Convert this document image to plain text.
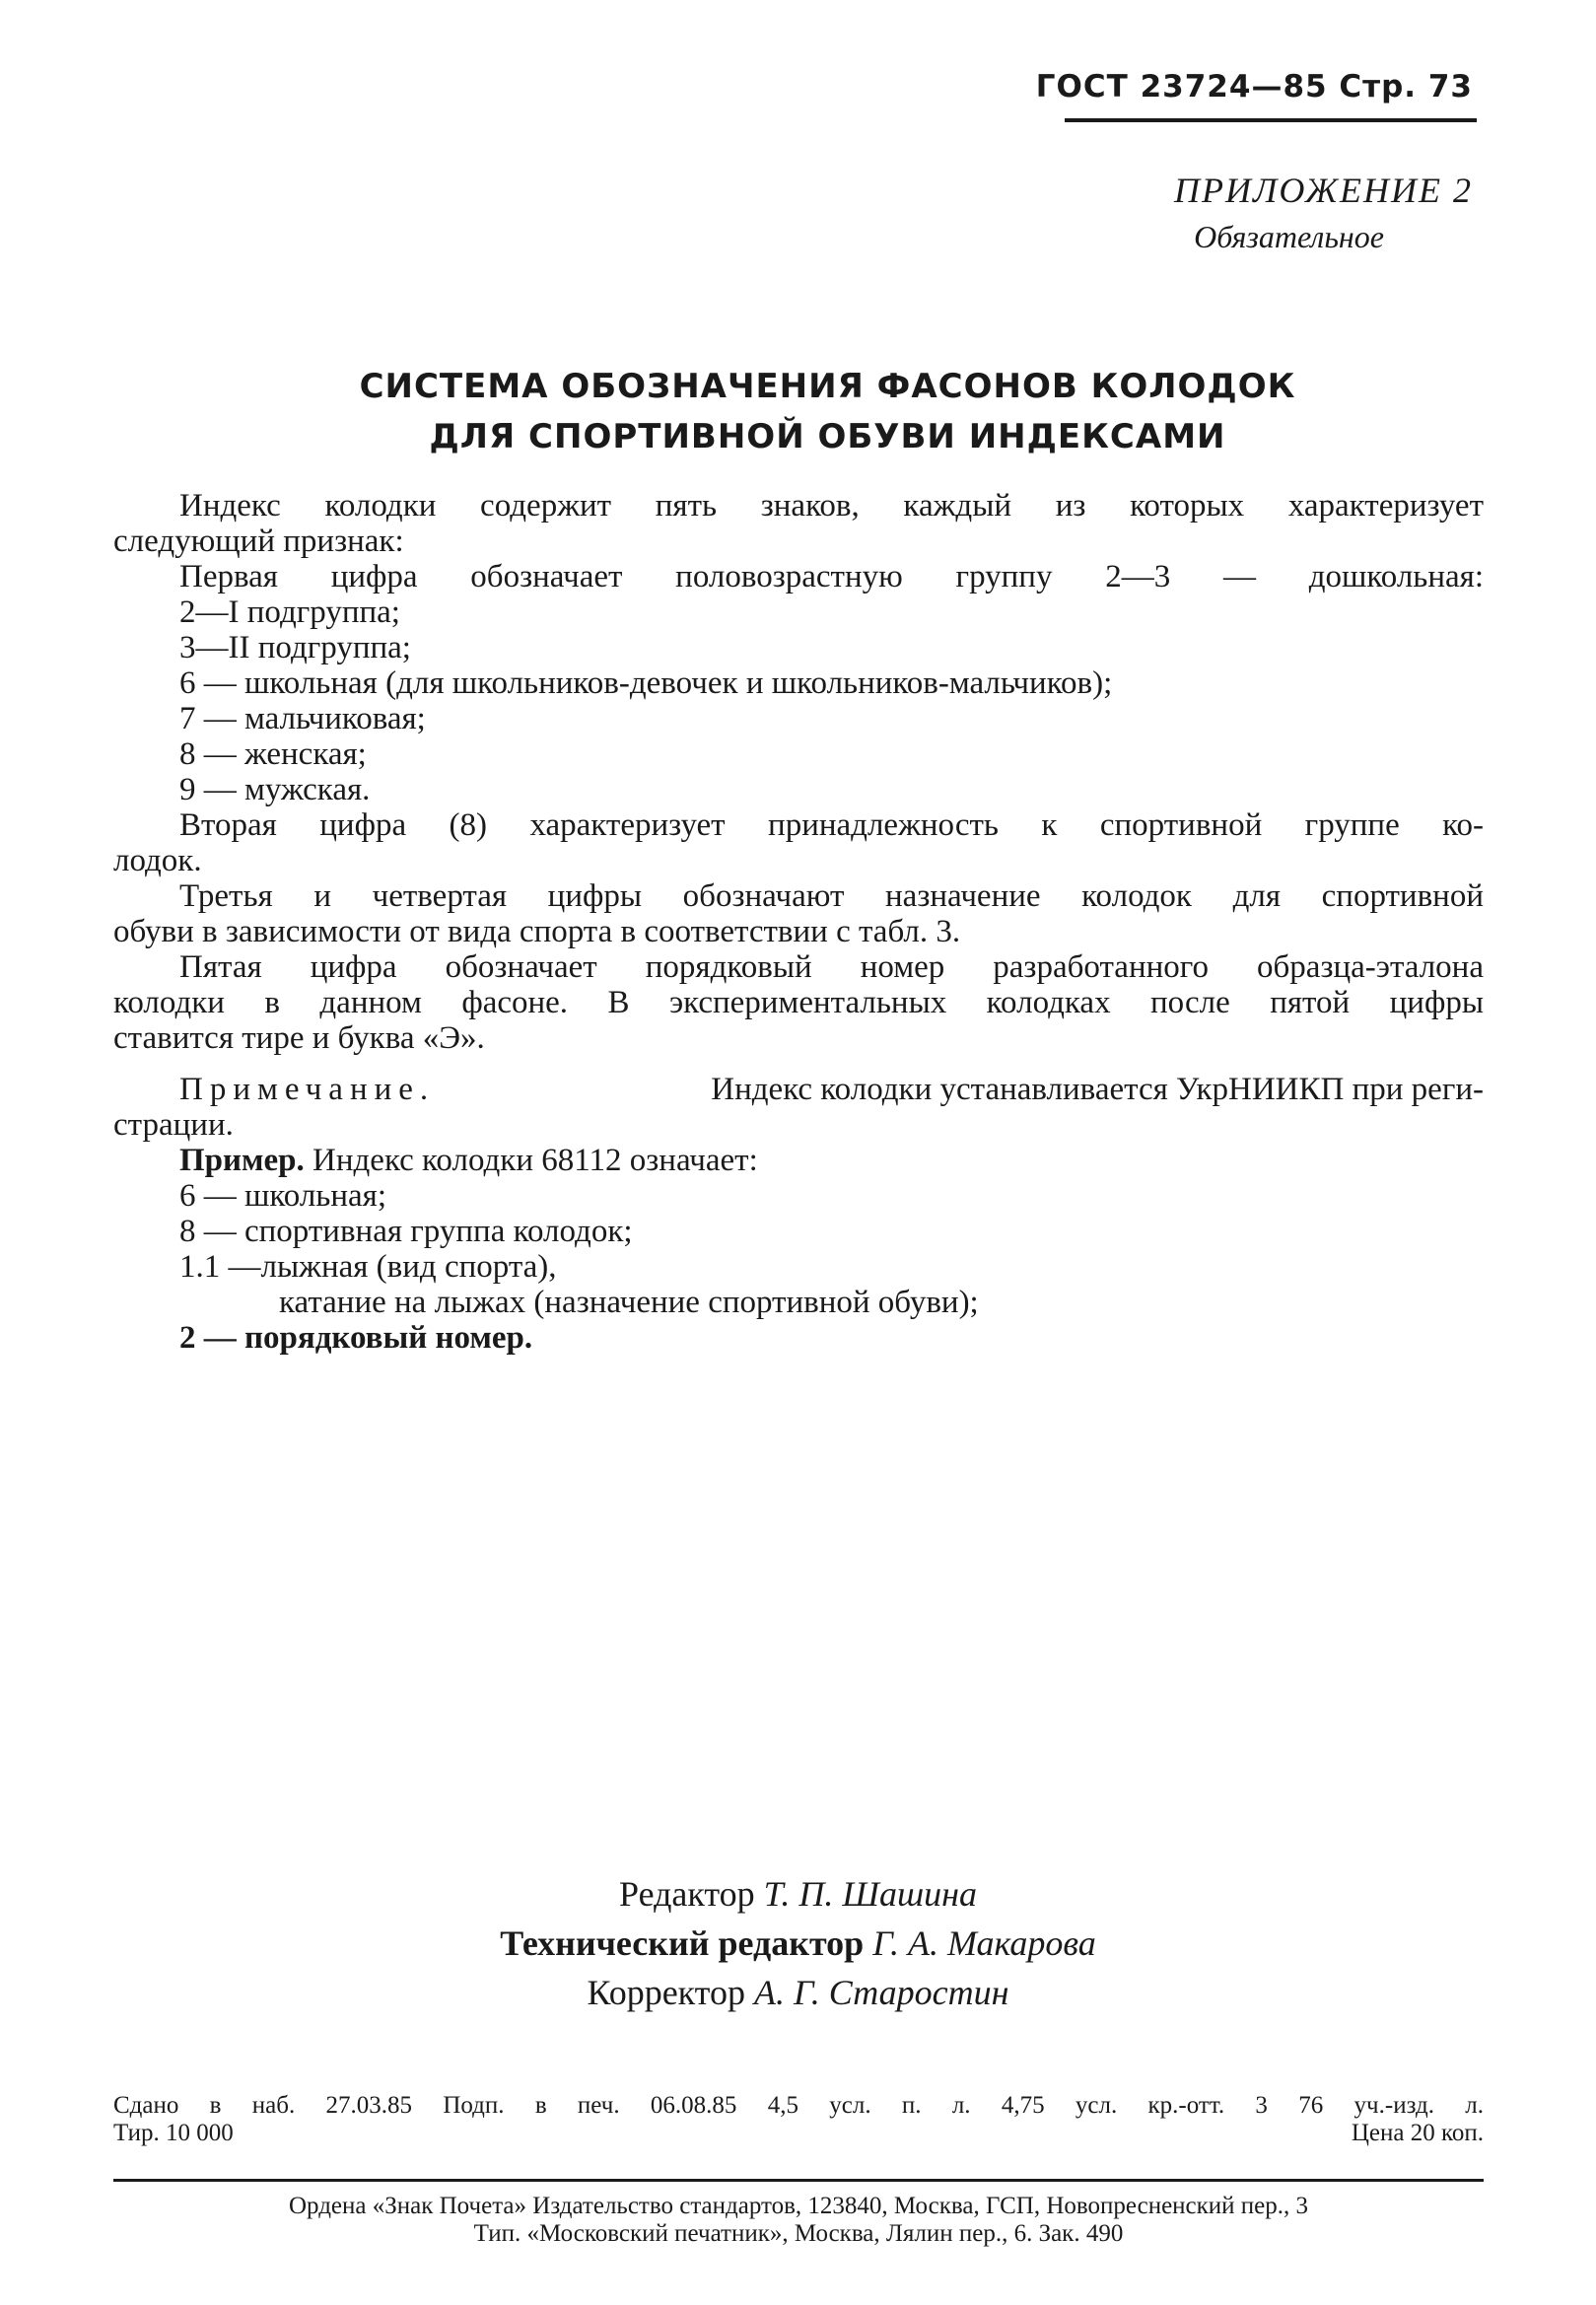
ГОСТ 23724—85 Стр. 73
ПРИЛОЖЕНИЕ 2
Обязательное
СИСТЕМА ОБОЗНАЧЕНИЯ ФАСОНОВ КОЛОДОК
ДЛЯ СПОРТИВНОЙ ОБУВИ ИНДЕКСАМИ
Индекс колодки содержит пять знаков, каждый из которых характеризует
следующий признак:
Первая цифра обозначает половозрастную группу 2—3 — дошкольная:
2—I подгруппа;
3—II подгруппа;
6 — школьная (для школьников-девочек и школьников-мальчиков);
7 — мальчиковая;
8 — женская;
9 — мужская.
Вторая цифра (8) характеризует принадлежность к спортивной группе ко-
лодок.
Третья и четвертая цифры обозначают назначение колодок для спортивной
обуви в зависимости от вида спорта в соответствии с табл. 3.
Пятая цифра обозначает порядковый номер разработанного образца-эталона
колодки в данном фасоне. В экспериментальных колодках после пятой цифры
ставится тире и буква «Э».
Примечание.	Индекс колодки устанавливается УкрНИИКП при реги-
страции.
Пример. Индекс колодки 68112 означает:
6 — школьная;
8 — спортивная группа колодок;
1.1 —лыжная (вид спорта),
катание на лыжах (назначение спортивной обуви);
2 — порядковый номер.
Редактор Т. П. Шашина
Технический редактор Г. А. Макарова
Корректор А. Г. Старостин
Сдано в наб. 27.03.85 Подп. в печ. 06.08.85 4,5 усл. п. л. 4,75 усл. кр.-отт. 3 76 уч.-изд. л.
Тир. 10 000	Цена 20 коп.
Ордена «Знак Почета» Издательство стандартов, 123840, Москва, ГСП, Новопресненский пер., 3
Тип. «Московский печатник», Москва, Лялин пер., 6. Зак. 490
